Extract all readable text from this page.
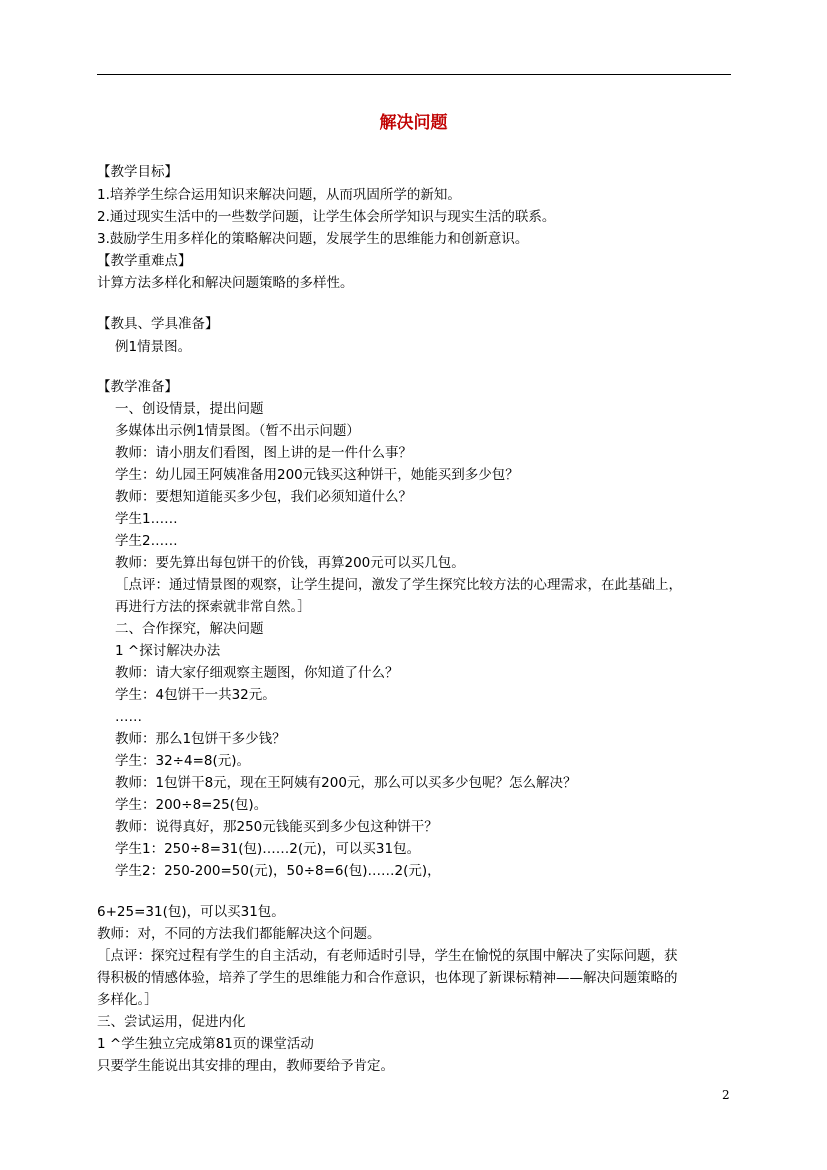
解决问题
【教学目标】
1.培养学生综合运用知识来解决问题，从而巩固所学的新知。
2.通过现实生活中的一些数学问题，让学生体会所学知识与现实生活的联系。
3.鼓励学生用多样化的策略解决问题，发展学生的思维能力和创新意识。
【教学重难点】
计算方法多样化和解决问题策略的多样性。
【教具、学具准备】
例1情景图。
【教学准备】
一、创设情景，提出问题
多媒体出示例1情景图。（暂不出示问题）
教师：请小朋友们看图，图上讲的是一件什么事？
学生：幼儿园王阿姨准备用200元钱买这种饼干，她能买到多少包？
教师：要想知道能买多少包，我们必须知道什么？
学生1……
学生2……
教师：要先算出每包饼干的价钱，再算200元可以买几包。
［点评：通过情景图的观察，让学生提问，激发了学生探究比较方法的心理需求，在此基础上，
再进行方法的探索就非常自然。］
二、合作探究，解决问题
1 ^探讨解决办法
教师：请大家仔细观察主题图，你知道了什么？
学生：4包饼干一共32元。
……
教师：那么1包饼干多少钱？
学生：32÷4=8(元)。
教师：1包饼干8元，现在王阿姨有200元，那么可以买多少包呢？怎么解决？
学生：200÷8=25(包)。
教师：说得真好，那250元钱能买到多少包这种饼干？
学生1：250÷8=31(包)……2(元)，可以买31包。
学生2：250-200=50(元)，50÷8=6(包)……2(元)，
6+25=31(包)，可以买31包。
教师：对，不同的方法我们都能解决这个问题。
［点评：探究过程有学生的自主活动，有老师适时引导，学生在愉悦的氛围中解决了实际问题，获
得积极的情感体验，培养了学生的思维能力和合作意识，也体现了新课标精神——解决问题策略的
多样化。］
三、尝试运用，促进内化
1 ^学生独立完成第81页的课堂活动
只要学生能说出其安排的理由，教师要给予肯定。
2
